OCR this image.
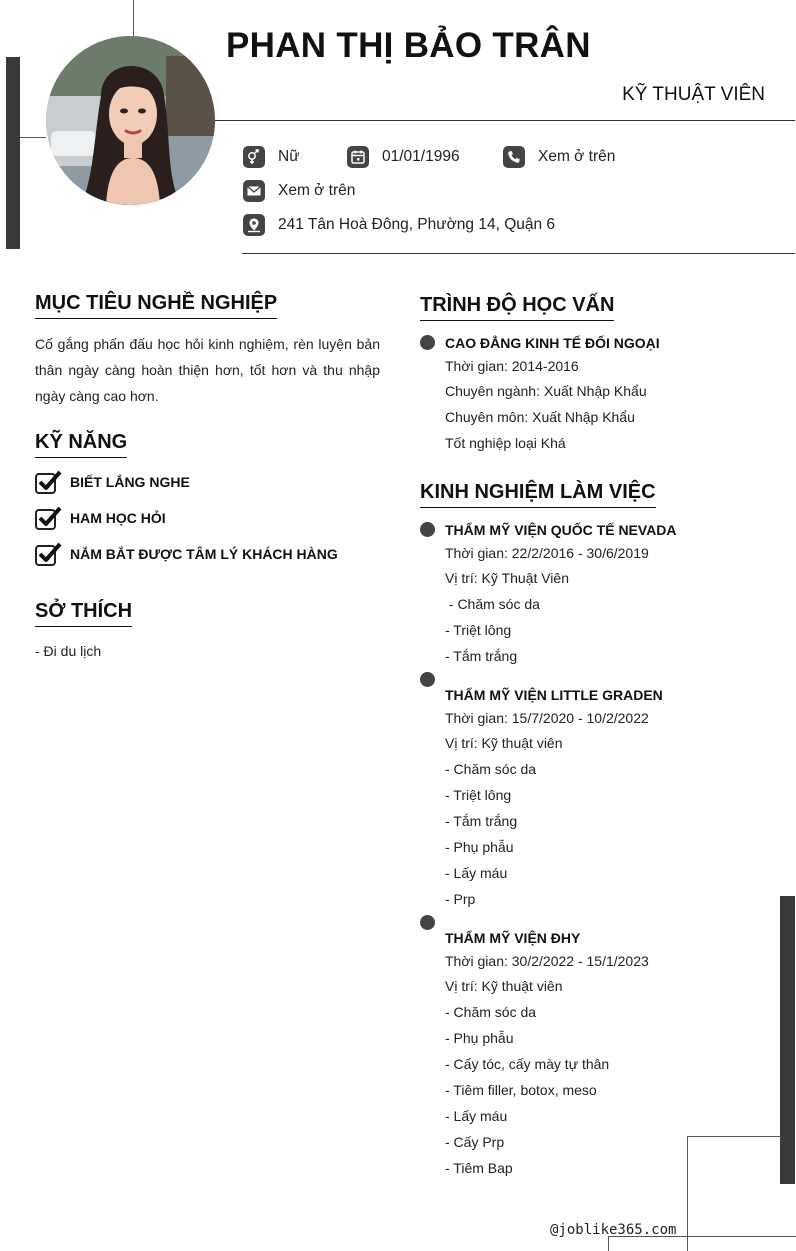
PHAN THỊ BẢO TRÂN
KỸ THUẬT VIÊN
Nữ	01/01/1996	Xem ở trên
Xem ở trên
241 Tân Hoà Đông, Phường 14, Quận 6
MỤC TIÊU NGHỀ NGHIỆP

Cố gắng phấn đấu học hỏi kinh nghiệm, rèn luyện bản thân ngày càng hoàn thiện hơn, tốt hơn và thu nhập ngày càng cao hơn.

KỸ NĂNG
BIẾT LẮNG NGHE
HAM HỌC HỎI
NẮM BẮT ĐƯỢC TÂM LÝ KHÁCH HÀNG
SỞ THÍCH
- Đi du lịch
TRÌNH ĐỘ HỌC VẤN
CAO ĐẲNG KINH TẾ ĐỐI NGOẠI
Thời gian: 2014-2016
Chuyên ngành: Xuất Nhập Khẩu
Chuyên môn: Xuất Nhập Khẩu
Tốt nghiệp loại Khá
KINH NGHIỆM LÀM VIỆC
THẨM MỸ VIỆN QUỐC TẾ NEVADA
Thời gian: 22/2/2016 - 30/6/2019
Vị trí: Kỹ Thuật Viên
- Chăm sóc da
- Triệt lông
- Tắm trắng
THẨM MỸ VIỆN LITTLE GRADEN
Thời gian: 15/7/2020 - 10/2/2022
Vị trí: Kỹ thuật viên
- Chăm sóc da
- Triệt lông
- Tắm trắng
- Phụ phẫu
- Lấy máu
- Prp
THẨM MỸ VIỆN ĐHY
Thời gian: 30/2/2022 - 15/1/2023
Vị trí: Kỹ thuật viên
- Chăm sóc da
- Phụ phẫu
- Cấy tóc, cấy mày tự thân
- Tiêm filler, botox, meso
- Lấy máu
- Cấy Prp
- Tiêm Bap
@joblike365.com
